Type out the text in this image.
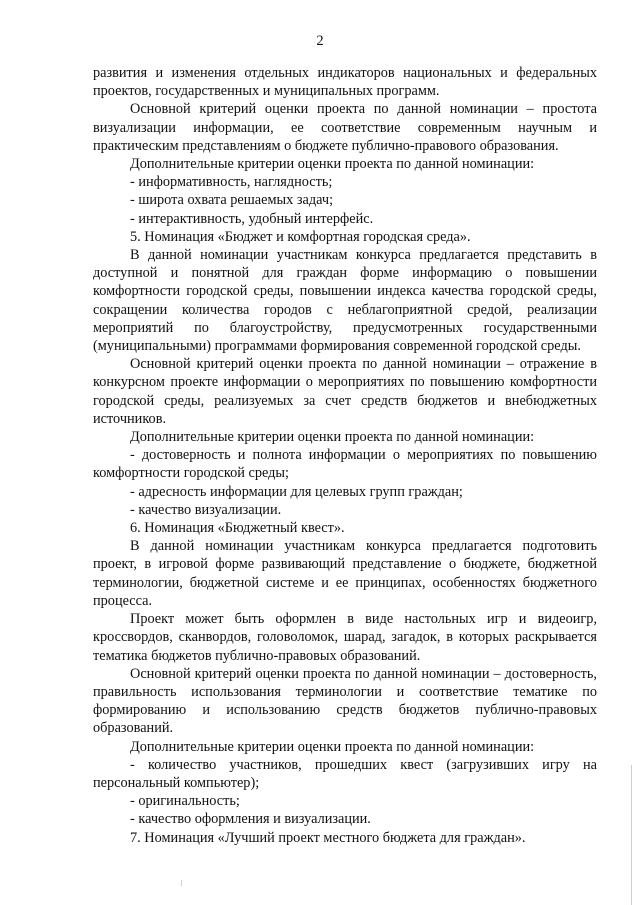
2

развития и изменения отдельных индикаторов национальных и федеральных проектов, государственных и муниципальных программ.

Основной критерий оценки проекта по данной номинации – простота визуализации информации, ее соответствие современным научным и практическим представлениям о бюджете публично-правового образования.

Дополнительные критерии оценки проекта по данной номинации:

- информативность, наглядность;

- широта охвата решаемых задач;

- интерактивность, удобный интерфейс.

5. Номинация «Бюджет и комфортная городская среда».

В данной номинации участникам конкурса предлагается представить в доступной и понятной для граждан форме информацию о повышении комфортности городской среды, повышении индекса качества городской среды, сокращении количества городов с неблагоприятной средой, реализации мероприятий по благоустройству, предусмотренных государственными (муниципальными) программами формирования современной городской среды.

Основной критерий оценки проекта по данной номинации – отражение в конкурсном проекте информации о мероприятиях по повышению комфортности городской среды, реализуемых за счет средств бюджетов и внебюджетных источников.

Дополнительные критерии оценки проекта по данной номинации:

- достоверность и полнота информации о мероприятиях по повышению комфортности городской среды;

- адресность информации для целевых групп граждан;

- качество визуализации.

6. Номинация «Бюджетный квест».

В данной номинации участникам конкурса предлагается подготовить проект, в игровой форме развивающий представление о бюджете, бюджетной терминологии, бюджетной системе и ее принципах, особенностях бюджетного процесса.

Проект может быть оформлен в виде настольных игр и видеоигр, кроссвордов, сканвордов, головоломок, шарад, загадок, в которых раскрывается тематика бюджетов публично-правовых образований.

Основной критерий оценки проекта по данной номинации – достоверность, правильность использования терминологии и соответствие тематике по формированию и использованию средств бюджетов публично-правовых образований.

Дополнительные критерии оценки проекта по данной номинации:

- количество участников, прошедших квест (загрузивших игру на персональный компьютер);

- оригинальность;

- качество оформления и визуализации.

7. Номинация «Лучший проект местного бюджета для граждан».
